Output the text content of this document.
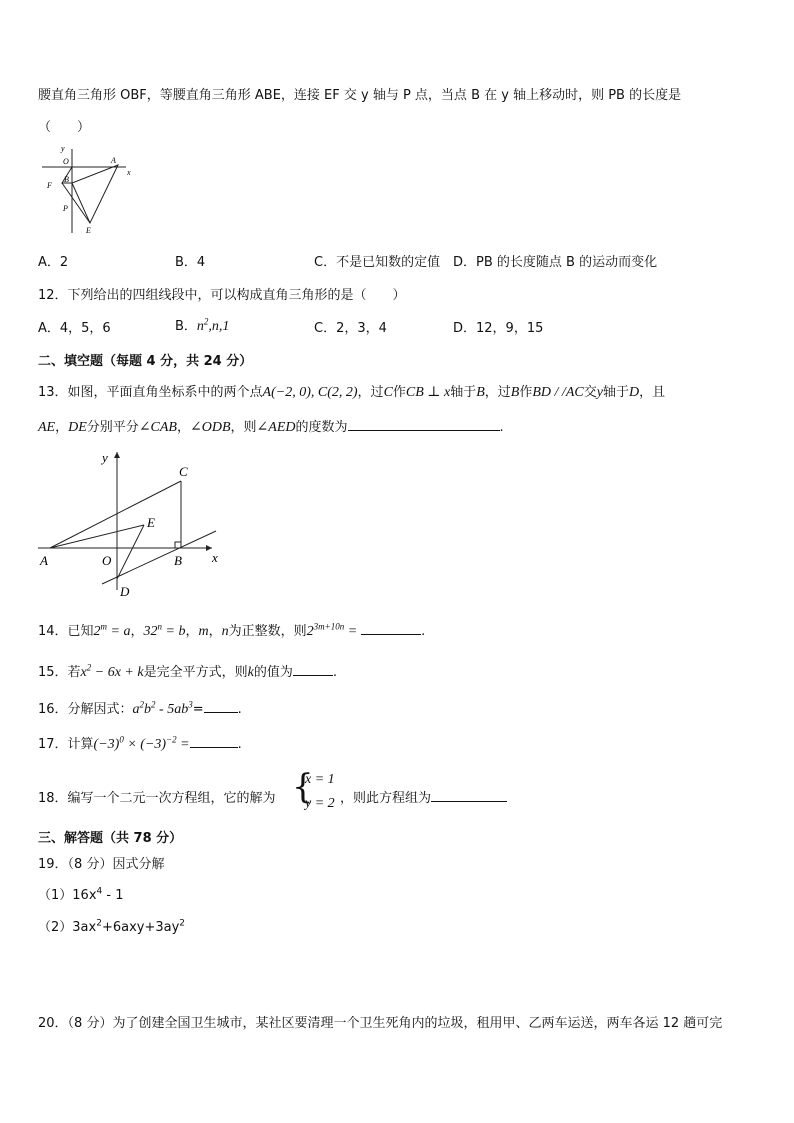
腰直角三角形 OBF，等腰直角三角形 ABE，连接 EF 交 y 轴与 P 点，当点 B 在 y 轴上移动时，则 PB 的长度是
（　　）
y
x
O	A
F
B
P
E
A．2	B．4	C．不是已知数的定值 D．PB 的长度随点 B 的运动而变化
12．下列给出的四组线段中，可以构成直角三角形的是（　　）
A．4，5，6	B．$n^2,n,1$	C．2，3，4	D．12，9，15
二、填空题（每题 4 分，共 24 分）
13．如图，平面直角坐标系中的两个点A(−2, 0), C(2, 2)，过C作CB ⊥ x轴于B，过B作BD / /AC交y轴于D，且
AE，DE分别平分∠CAB，∠ODB，则∠AED的度数为	.
y
x
C
E
A	O	B
D
14．已知$2^m = a$，$32^n = b$，m，n为正整数，则$2^{3m+10n}$ =	.
15．若$x^2 - 6x + k$是完全平方式，则k的值为	.
16．分解因式：$a^2b^2 - 5ab^3=$	.
17．计算$(-3)^0 \times (-3)^{-2}$ =	.
18．编写一个二元一次方程组，它的解为 {
x = 1
y = 2 ，则此方程组为
三、解答题（共 78 分）
19．（8 分）因式分解
$(1)16x^4 - 1$
$(2)3ax^2+6axy+3ay^2$
20．（8 分）为了创建全国卫生城市，某社区要清理一个卫生死角内的垃圾，租用甲、乙两车运送，两车各运 12 趟可完
